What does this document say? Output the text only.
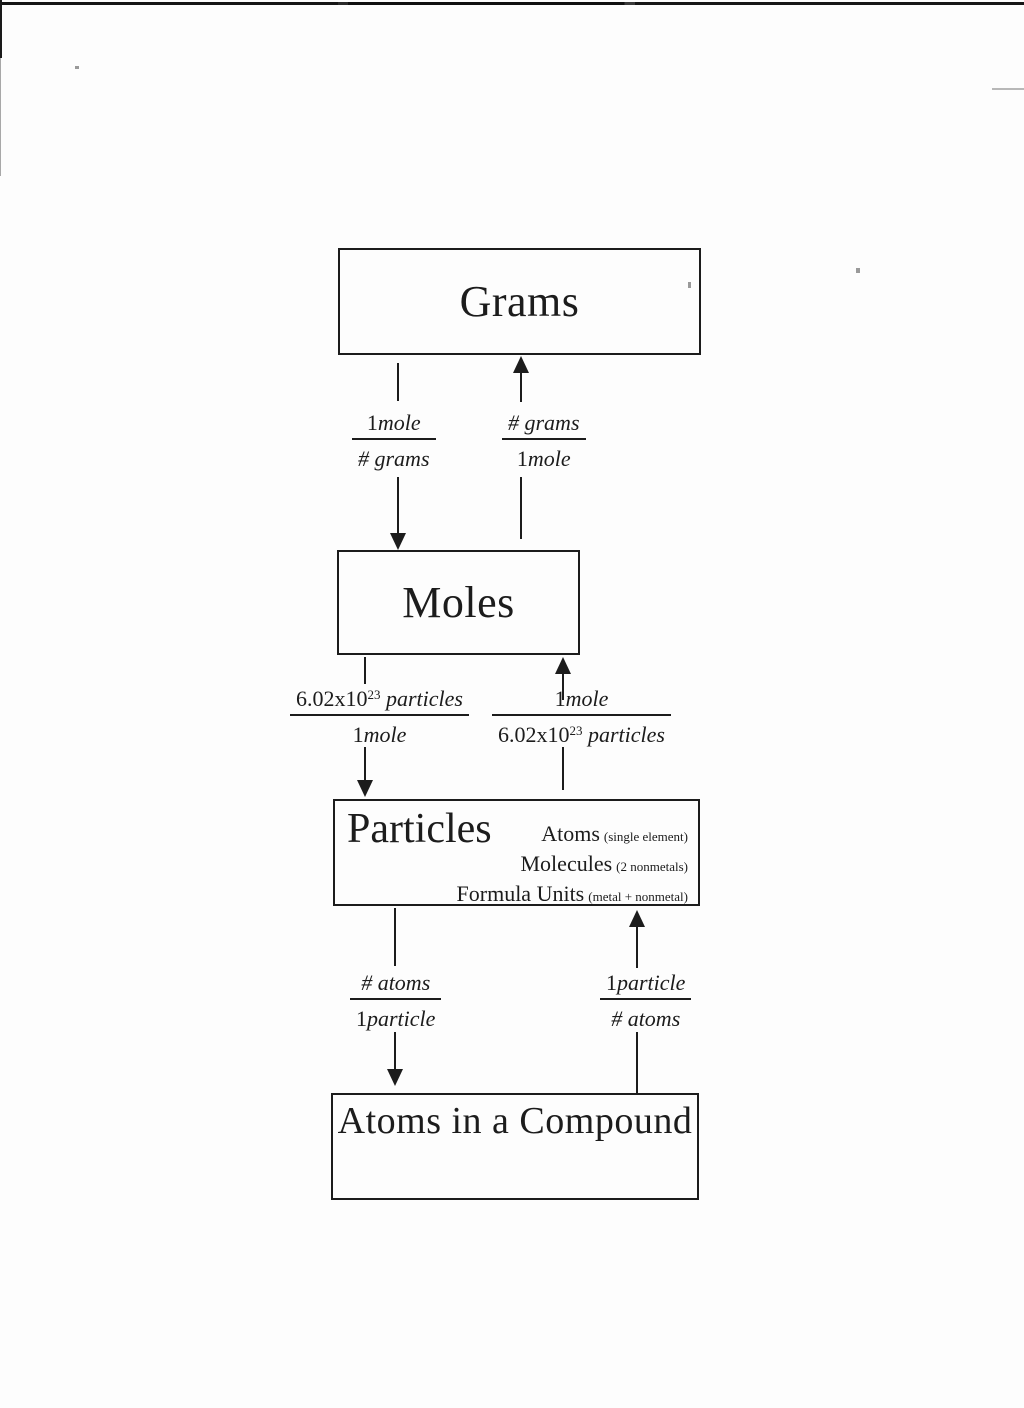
Grams
Moles
Particles	Atoms (single element)
Molecules (2 nonmetals)
Formula Units (metal + nonmetal)
Atoms in a Compound
1mole
# grams
# grams
1mole
$6.02x10^{23}$ particles
1mole
1mole
$6.02x10^{23}$ particles
# atoms
1particle
1particle
# atoms
